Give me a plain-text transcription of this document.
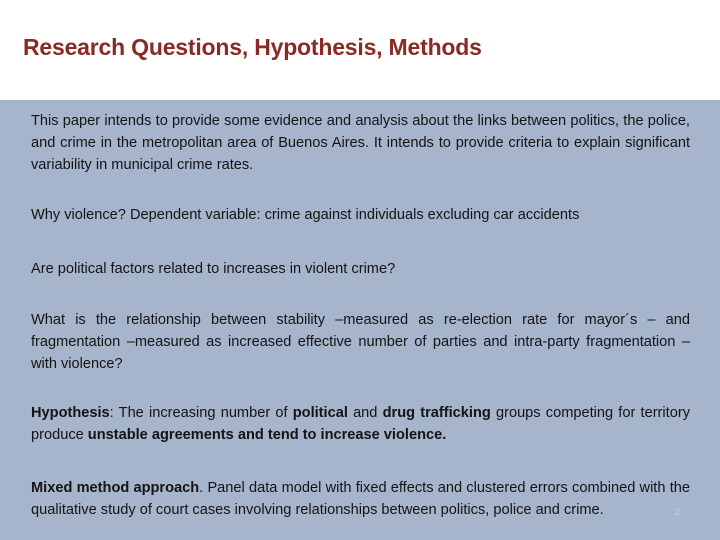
Research Questions, Hypothesis, Methods
This paper intends to provide some evidence and analysis about the links between politics, the police, and crime in the metropolitan area of Buenos Aires. It intends to provide criteria to explain significant variability in municipal crime rates.
Why violence? Dependent variable: crime against individuals excluding car accidents
Are political factors related to increases in violent crime?
What is the relationship between stability –measured as re-election rate for mayor´s – and fragmentation –measured as increased effective number of parties and intra-party fragmentation – with violence?
Hypothesis: The increasing number of political and drug trafficking groups competing for territory produce unstable agreements and tend to increase violence.
Mixed method approach. Panel data model with fixed effects and clustered errors combined with the qualitative study of court cases involving relationships between politics, police and crime.	2
